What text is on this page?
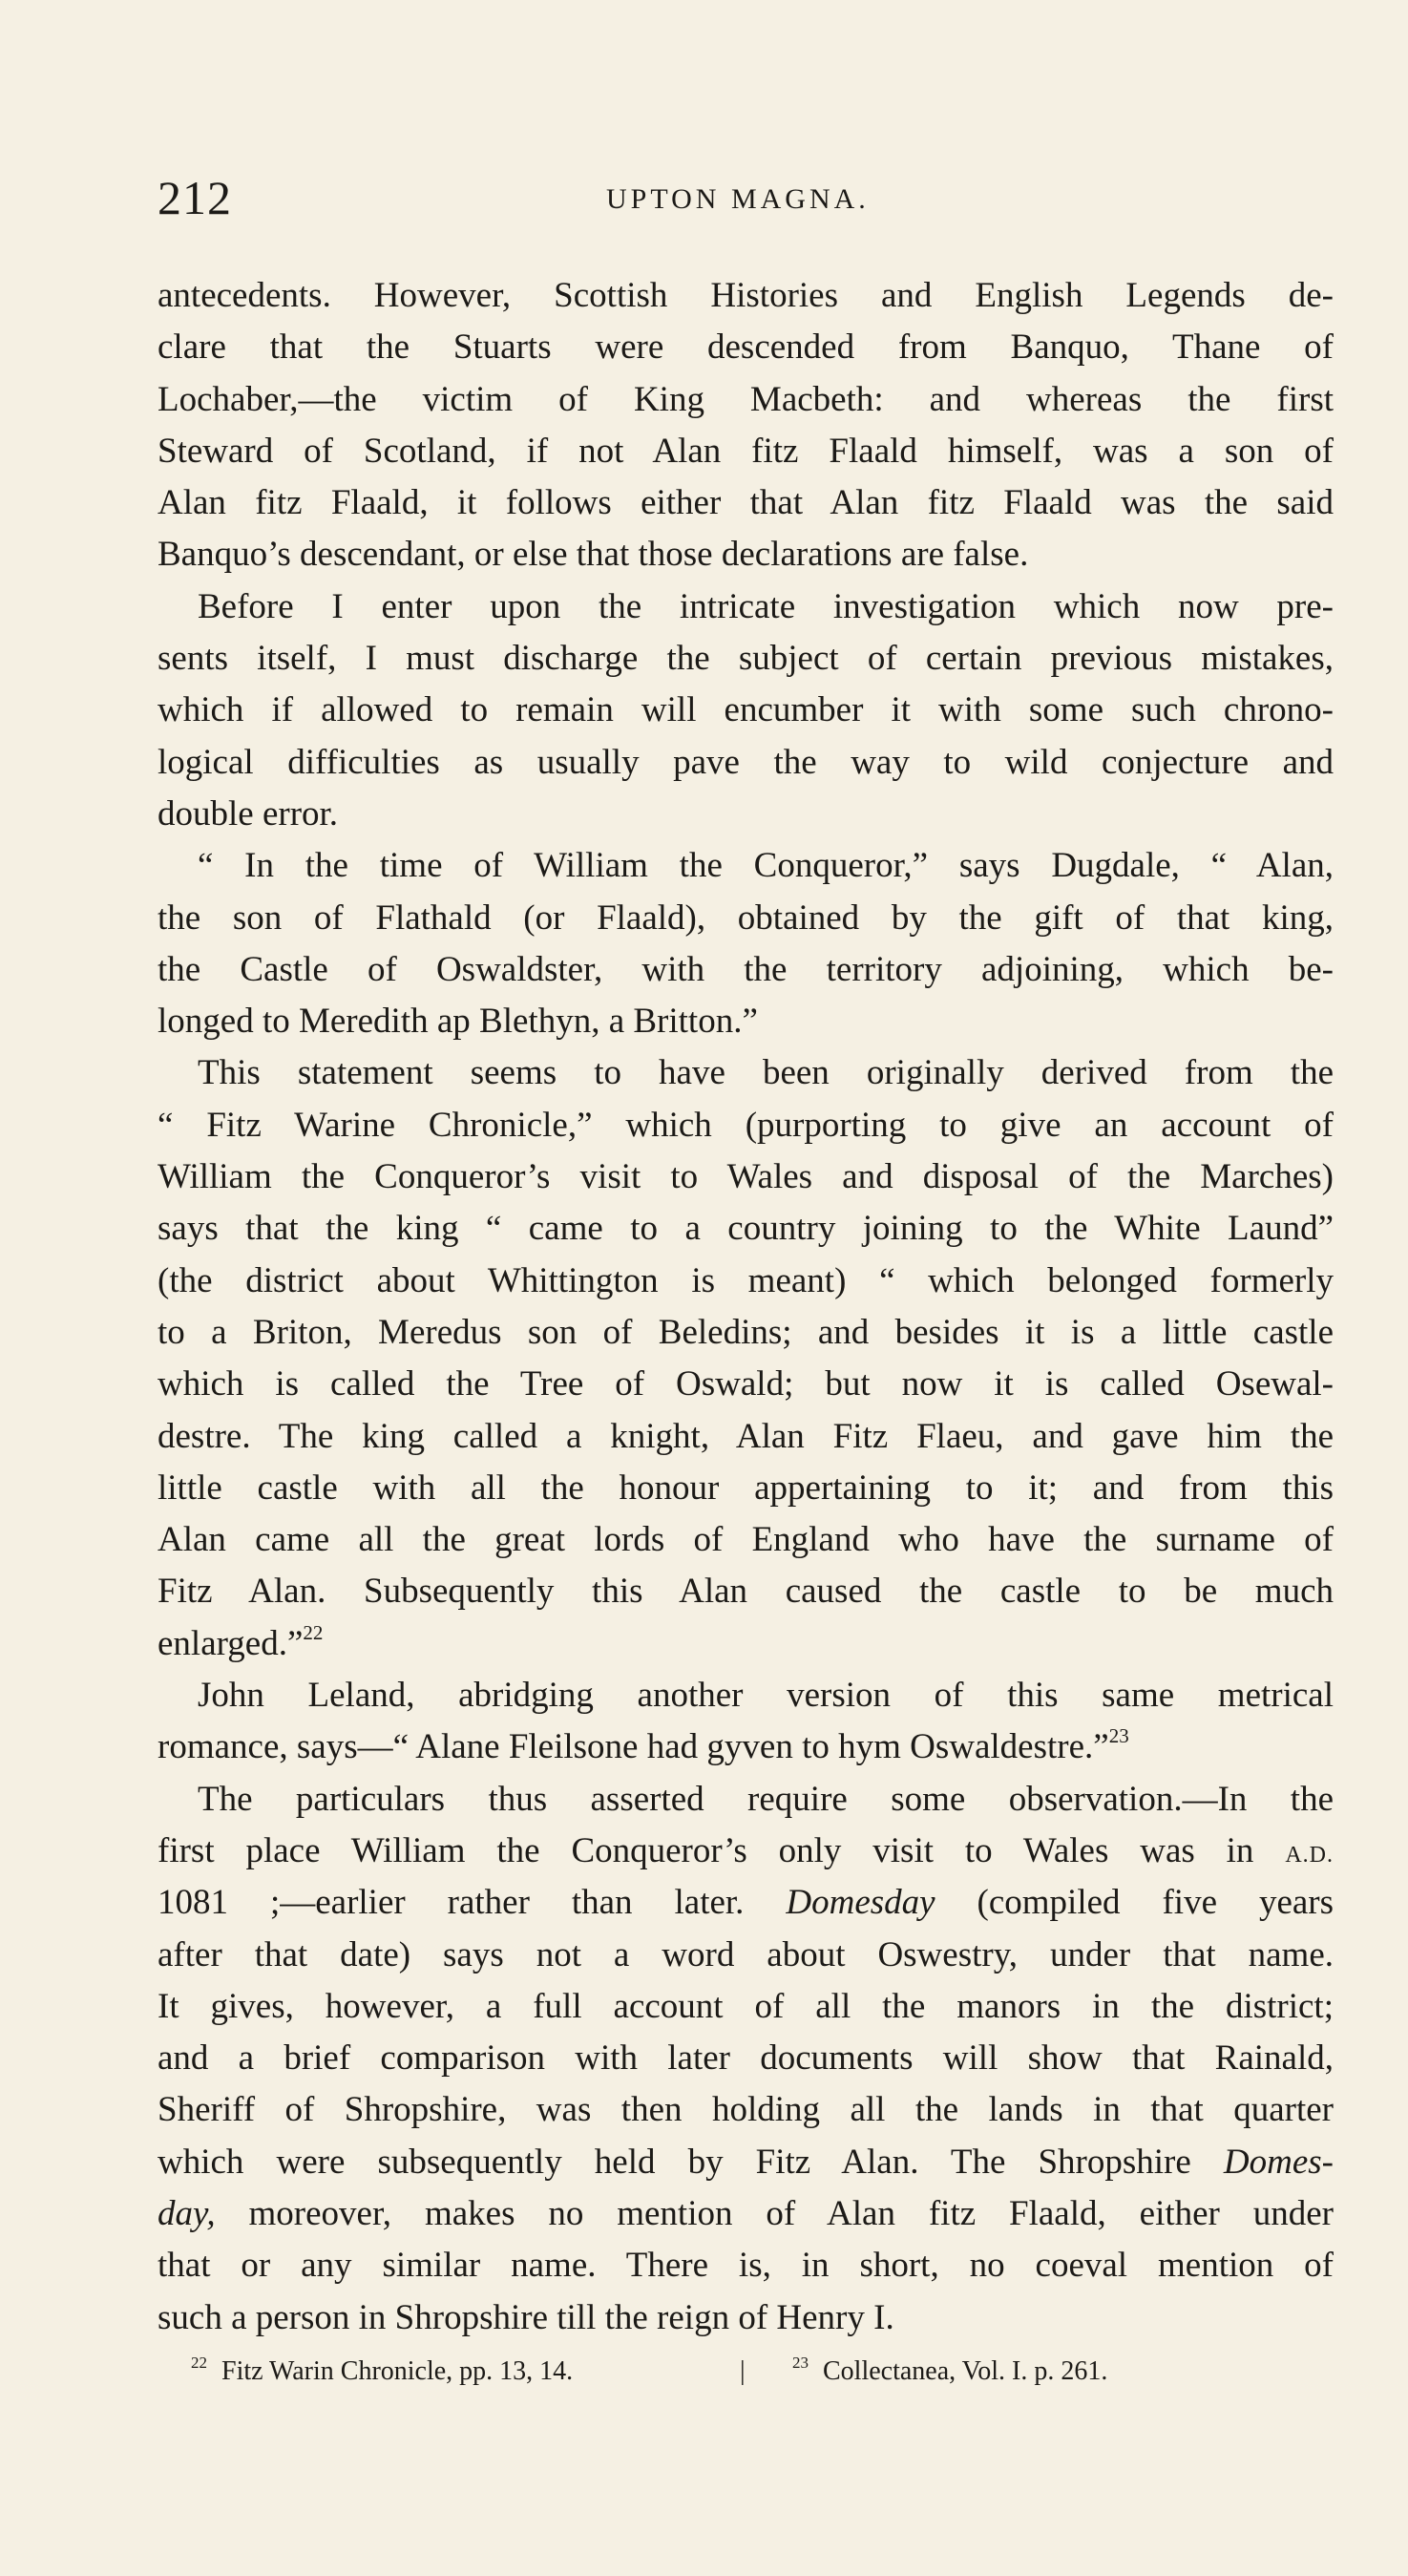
212	UPTON MAGNA.
antecedents. However, Scottish Histories and English Legends de-
clare that the Stuarts were descended from Banquo, Thane of
Lochaber,—the victim of King Macbeth: and whereas the first
Steward of Scotland, if not Alan fitz Flaald himself, was a son of
Alan fitz Flaald, it follows either that Alan fitz Flaald was the said
Banquo’s descendant, or else that those declarations are false.
Before I enter upon the intricate investigation which now pre-
sents itself, I must discharge the subject of certain previous mistakes,
which if allowed to remain will encumber it with some such chrono-
logical difficulties as usually pave the way to wild conjecture and
double error.
“ In the time of William the Conqueror,” says Dugdale, “ Alan,
the son of Flathald (or Flaald), obtained by the gift of that king,
the Castle of Oswaldster, with the territory adjoining, which be-
longed to Meredith ap Blethyn, a Britton.”
This statement seems to have been originally derived from the
“ Fitz Warine Chronicle,” which (purporting to give an account of
William the Conqueror’s visit to Wales and disposal of the Marches)
says that the king “ came to a country joining to the White Laund”
(the district about Whittington is meant) “ which belonged formerly
to a Briton, Meredus son of Beledins; and besides it is a little castle
which is called the Tree of Oswald; but now it is called Osewal-
destre. The king called a knight, Alan Fitz Flaeu, and gave him the
little castle with all the honour appertaining to it; and from this
Alan came all the great lords of England who have the surname of
Fitz Alan. Subsequently this Alan caused the castle to be much
enlarged.”$^{22}$
John Leland, abridging another version of this same metrical
romance, says—“ Alane Fleilsone had gyven to hym Oswaldestre.”$^{23}$
The particulars thus asserted require some observation.—In the
first place William the Conqueror’s only visit to Wales was in A.D.
1081 ;—earlier rather than later. Domesday (compiled five years
after that date) says not a word about Oswestry, under that name.
It gives, however, a full account of all the manors in the district;
and a brief comparison with later documents will show that Rainald,
Sheriff of Shropshire, was then holding all the lands in that quarter
which were subsequently held by Fitz Alan. The Shropshire Domes-
day, moreover, makes no mention of Alan fitz Flaald, either under
that or any similar name. There is, in short, no coeval mention of
such a person in Shropshire till the reign of Henry I.
$^{22}$ Fitz Warin Chronicle, pp. 13, 14.	|	$^{23}$ Collectanea, Vol. I. p. 261.
